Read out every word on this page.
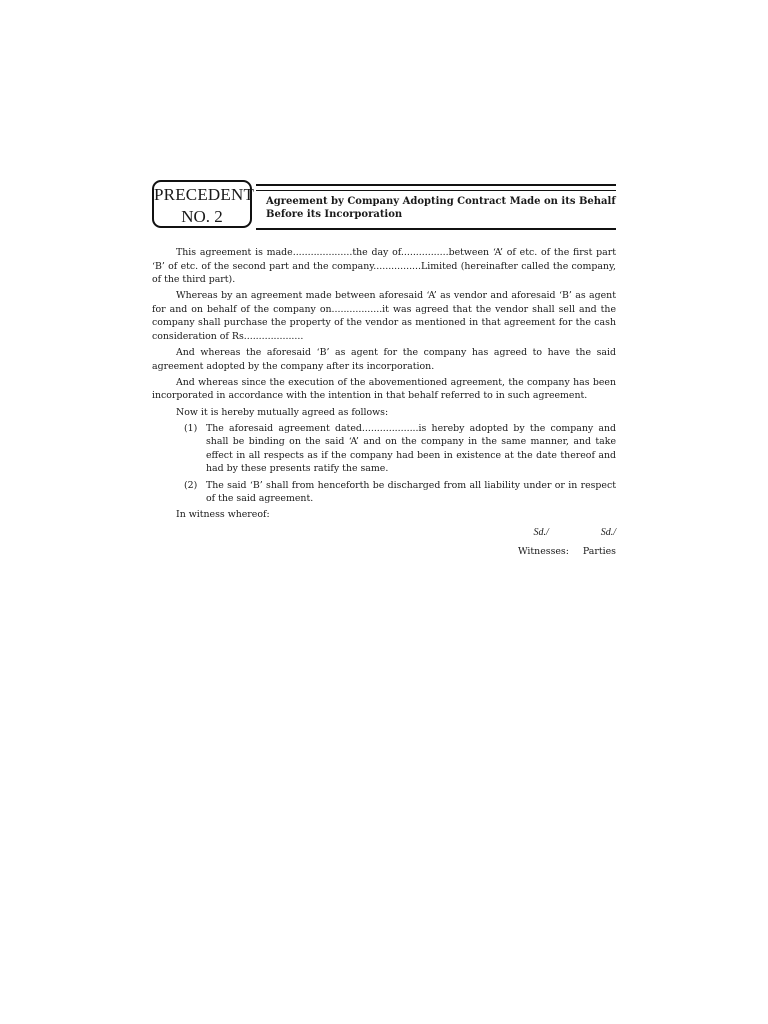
PRECEDENT
NO. 2
Agreement by Company Adopting Contract Made on its Behalf
Before its Incorporation

This agreement is made....................the day of................between ‘A’ of etc. of the first part ‘B’ of etc. of the second part and the company................Limited (hereinafter called the company, of the third part).

Whereas by an agreement made between aforesaid ‘A’ as vendor and aforesaid ‘B’ as agent for and on behalf of the company on.................it was agreed that the vendor shall sell and the company shall purchase the property of the vendor as mentioned in that agreement for the cash consideration of Rs....................

And whereas the aforesaid ‘B’ as agent for the company has agreed to have the said agreement adopted by the company after its incorporation.

And whereas since the execution of the abovementioned agreement, the company has been incorporated in accordance with the intention in that behalf referred to in such agreement.

Now it is hereby mutually agreed as follows:

(1) The aforesaid agreement dated...................is hereby adopted by the company and shall be binding on the said ‘A’ and on the company in the same manner, and take effect in all respects as if the company had been in existence at the date thereof and had by these presents ratify the same.
(2) The said ‘B’ shall from henceforth be discharged from all liability under or in respect of the said agreement.

In witness whereof:

Sd./	Sd./
Witnesses: Parties
